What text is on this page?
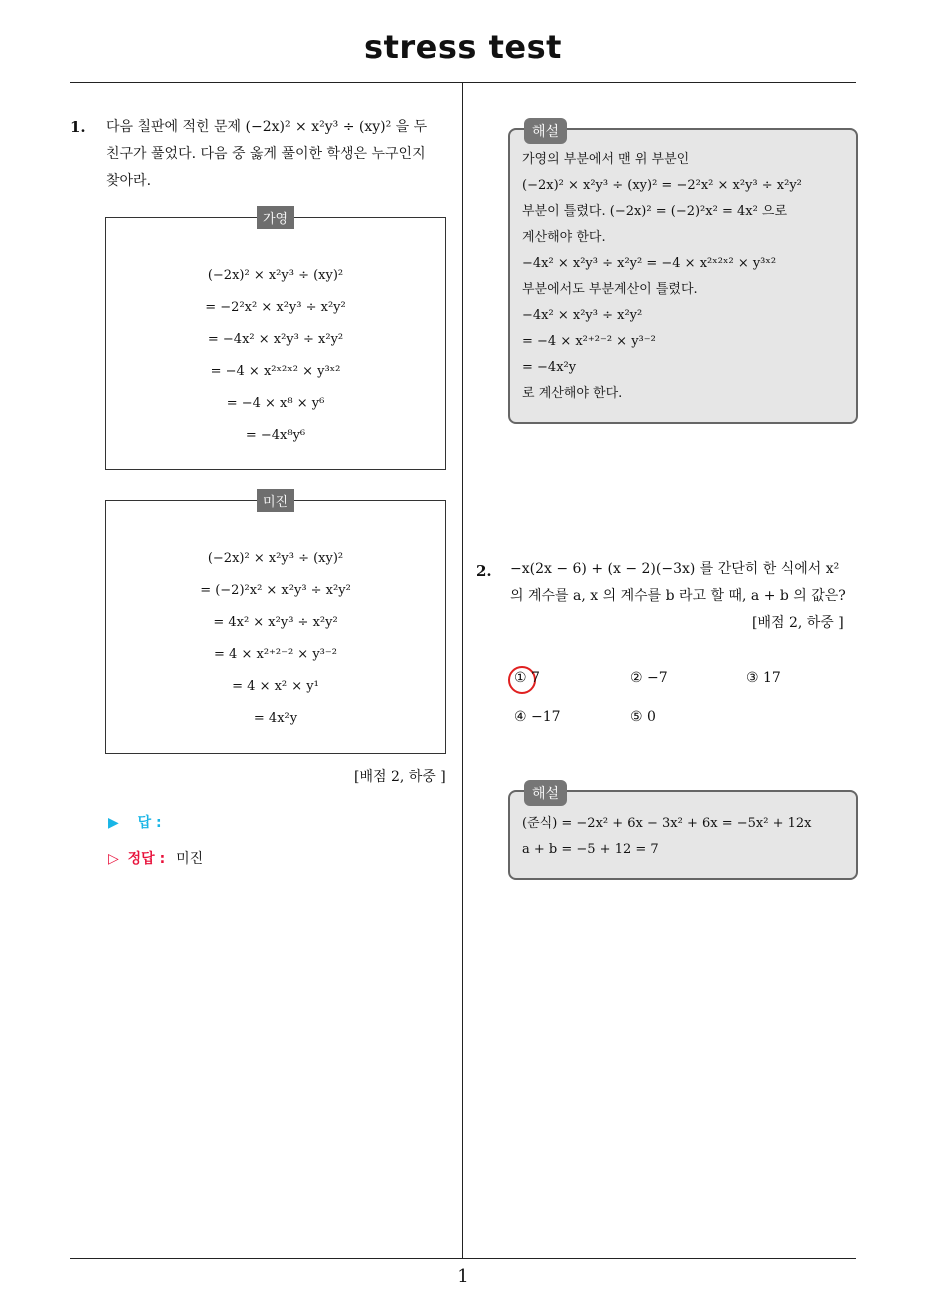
stress test
1
1. 다음 칠판에 적힌 문제 (−2x)² × x²y³ ÷ (xy)² 을 두
친구가 풀었다. 다음 중 옳게 풀이한 학생은 누구인지
찾아라.
가영
(−2x)² × x²y³ ÷ (xy)²
= −2²x² × x²y³ ÷ x²y²
= −4x² × x²y³ ÷ x²y²
= −4 × x²ˣ²ˣ² × y³ˣ²
= −4 × x⁸ × y⁶
= −4x⁸y⁶
미진
(−2x)² × x²y³ ÷ (xy)²
= (−2)²x² × x²y³ ÷ x²y²
= 4x² × x²y³ ÷ x²y²
= 4 × x²⁺²⁻² × y³⁻²
= 4 × x² × y¹
= 4x²y
[배점 2, 하중 ]
▶ 답 :
▷ 정답 : 미진
해설
가영의 부분에서 맨 위 부분인
(−2x)² × x²y³ ÷ (xy)² = −2²x² × x²y³ ÷ x²y²
부분이 틀렸다. (−2x)² = (−2)²x² = 4x² 으로
계산해야 한다.
−4x² × x²y³ ÷ x²y² = −4 × x²ˣ²ˣ² × y³ˣ²
부분에서도 부분계산이 틀렸다.
−4x² × x²y³ ÷ x²y²
= −4 × x²⁺²⁻² × y³⁻²
= −4x²y
로 계산해야 한다.
2. −x(2x − 6) + (x − 2)(−3x) 를 간단히 한 식에서 x²
의 계수를 a, x 의 계수를 b 라고 할 때, a + b 의 값은?
[배점 2, 하중 ]
① 7	② −7	③ 17
④ −17	⑤ 0
해설
(준식) = −2x² + 6x − 3x² + 6x = −5x² + 12x
a + b = −5 + 12 = 7
